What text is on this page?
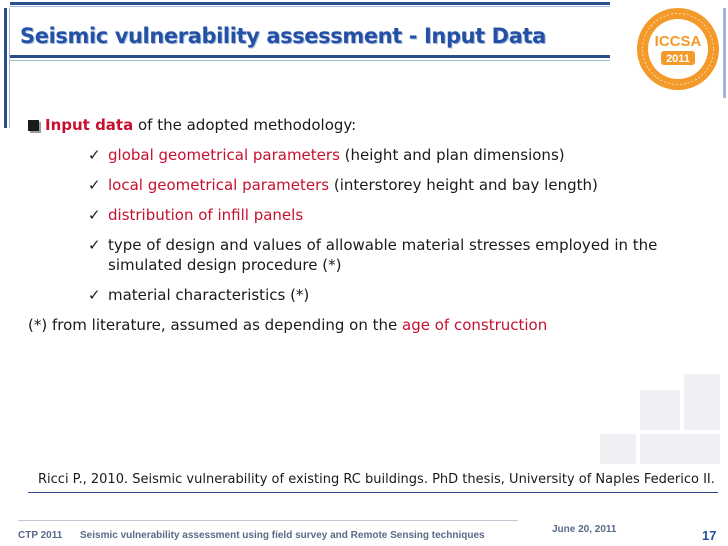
Seismic vulnerability assessment - Input Data	ICCSA
2011
Input data of the adopted methodology:
✓ global geometrical parameters (height and plan dimensions)
✓ local geometrical parameters (interstorey height and bay length)
✓ distribution of infill panels
✓ type of design and values of allowable material stresses employed in the
simulated design procedure (*)
✓ material characteristics (*)
(*) from literature, assumed as depending on the age of construction
Ricci P., 2010. Seismic vulnerability of existing RC buildings. PhD thesis, University of Naples Federico II.
CTP 2011 Seismic vulnerability assessment using field survey and Remote Sensing techniques
June 20, 2011	17
